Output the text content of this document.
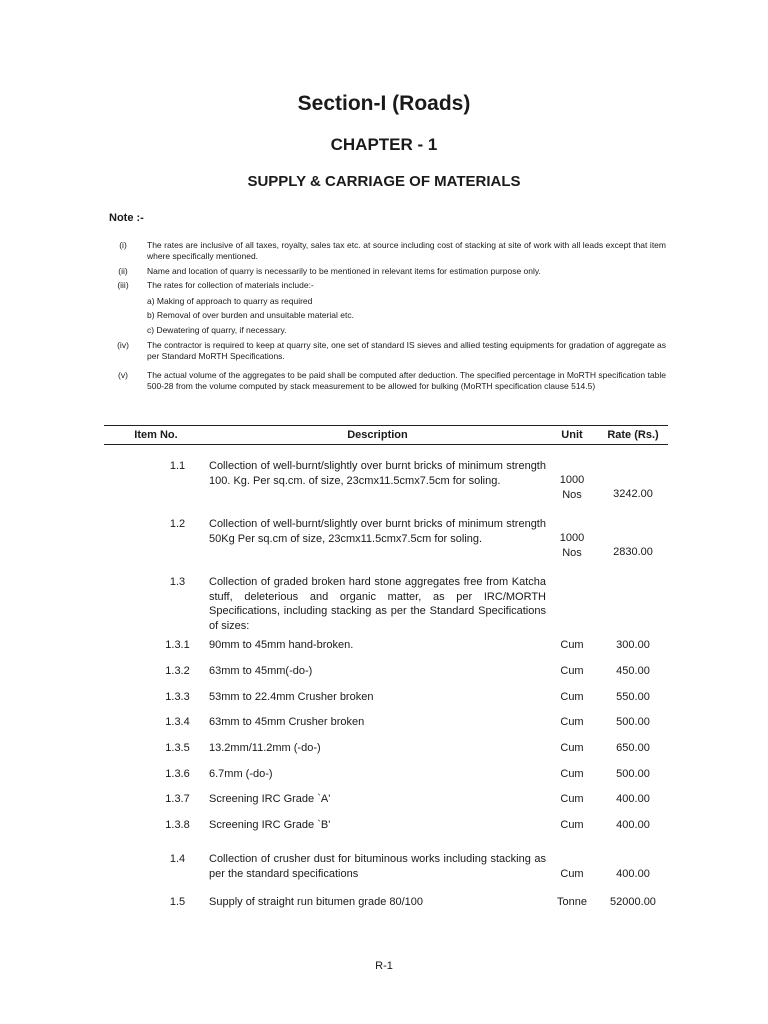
Section-I (Roads)
CHAPTER - 1
SUPPLY & CARRIAGE OF MATERIALS
Note :-
(i)	The rates are inclusive of all taxes, royalty, sales tax etc. at source including cost of stacking at site of work with all leads except that item where specifically mentioned.
(ii)	Name and location of quarry is necessarily to be mentioned in relevant items for estimation purpose only.
(iii)	The rates for collection of materials include:-
a) Making of approach to quarry as required
b) Removal of over burden and unsuitable material etc.
c) Dewatering of quarry, if necessary.
(iv)	The contractor is required to keep at quarry site, one set of standard IS sieves and allied testing equipments for gradation of aggregate as per Standard MoRTH Specifications.
(v)	The actual volume of the aggregates to be paid shall be computed after deduction. The specified percentage in MoRTH specification table 500-28 from the volume computed by stack measurement to be allowed for bulking (MoRTH specification clause 514.5)
Item No.	Description	Unit	Rate (Rs.)
1.1	Collection of well-burnt/slightly over burnt bricks of minimum strength 100. Kg. Per sq.cm. of size, 23cmx11.5cmx7.5cm for soling.	1000 Nos	3242.00
1.2	Collection of well-burnt/slightly over burnt bricks of minimum strength 50Kg Per sq.cm of size, 23cmx11.5cmx7.5cm for soling.	1000 Nos	2830.00
1.3	Collection of graded broken hard stone aggregates free from Katcha stuff, deleterious and organic matter, as per IRC/MORTH Specifications, including stacking as per the Standard Specifications of sizes:
1.3.1	90mm to 45mm hand-broken.	Cum	300.00
1.3.2	63mm to 45mm(-do-)	Cum	450.00
1.3.3	53mm to 22.4mm Crusher broken	Cum	550.00
1.3.4	63mm to 45mm Crusher broken	Cum	500.00
1.3.5	13.2mm/11.2mm (-do-)	Cum	650.00
1.3.6	6.7mm (-do-)	Cum	500.00
1.3.7	Screening IRC Grade `A'	Cum	400.00
1.3.8	Screening IRC Grade `B'	Cum	400.00
1.4	Collection of crusher dust for bituminous works including stacking as per the standard specifications	Cum	400.00
1.5	Supply of straight run bitumen grade 80/100	Tonne	52000.00
R-1
